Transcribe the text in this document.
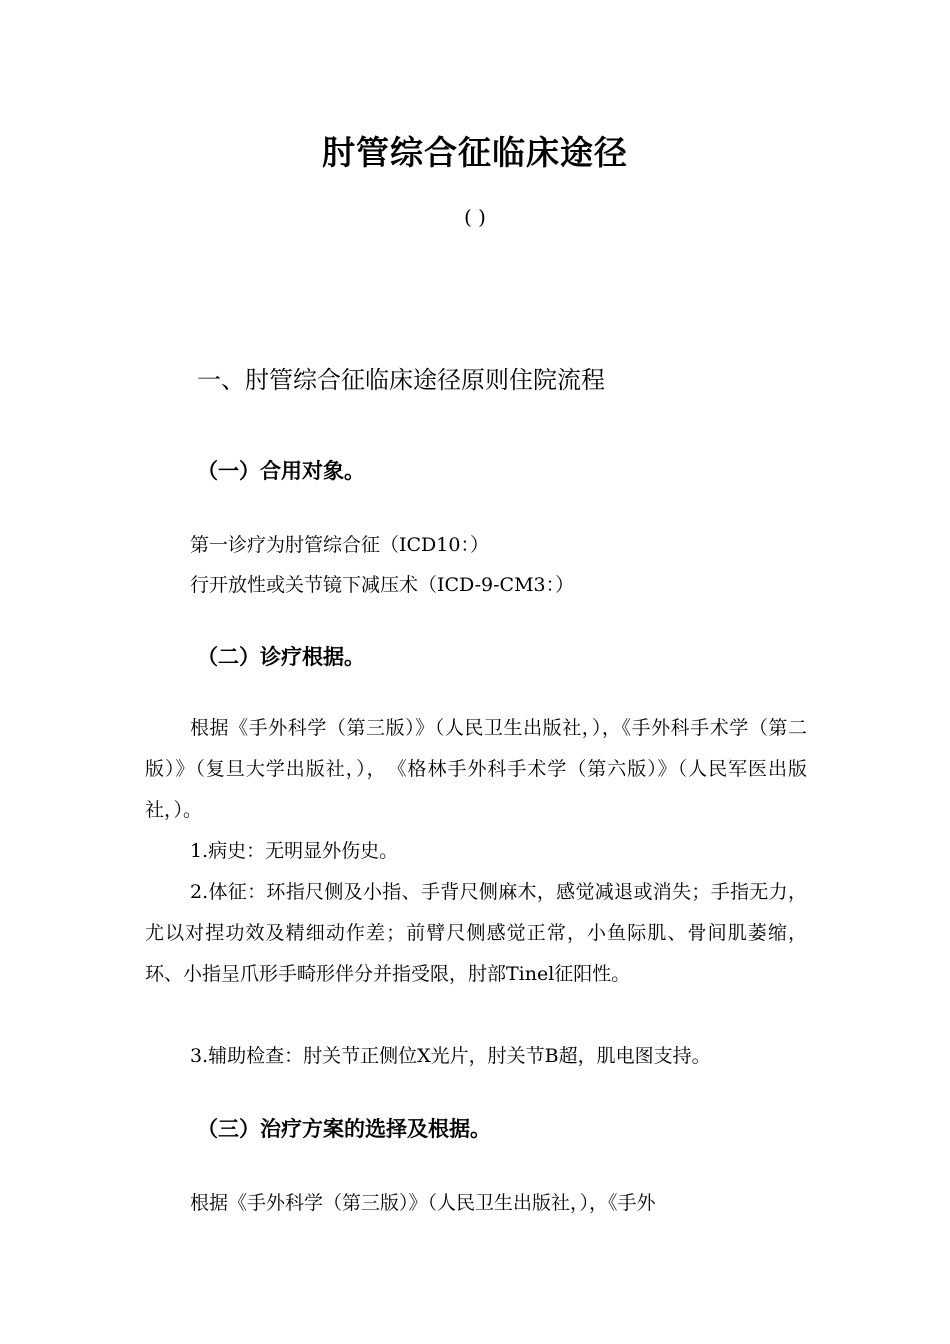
肘管综合征临床途径
( )
一、肘管综合征临床途径原则住院流程
（一）合用对象。
第一诊疗为肘管综合征（ICD10：）
行开放性或关节镜下减压术（ICD-9-CM3：）
（二）诊疗根据。
根据《手外科学（第三版）》（人民卫生出版社，），《手外科手术学（第二版）》（复旦大学出版社，），　《格林手外科手术学（第六版）》（人民军医出版社，）。
1.病史：无明显外伤史。
2.体征：环指尺侧及小指、手背尺侧麻木，感觉减退或消失；手指无力，尤以对捏功效及精细动作差；前臂尺侧感觉正常，小鱼际肌、骨间肌萎缩，环、小指呈爪形手畸形伴分并指受限，肘部Tinel征阳性。
3.辅助检查：肘关节正侧位X光片，肘关节B超，肌电图支持。
（三）治疗方案的选择及根据。
根据《手外科学（第三版）》（人民卫生出版社，），《手外
